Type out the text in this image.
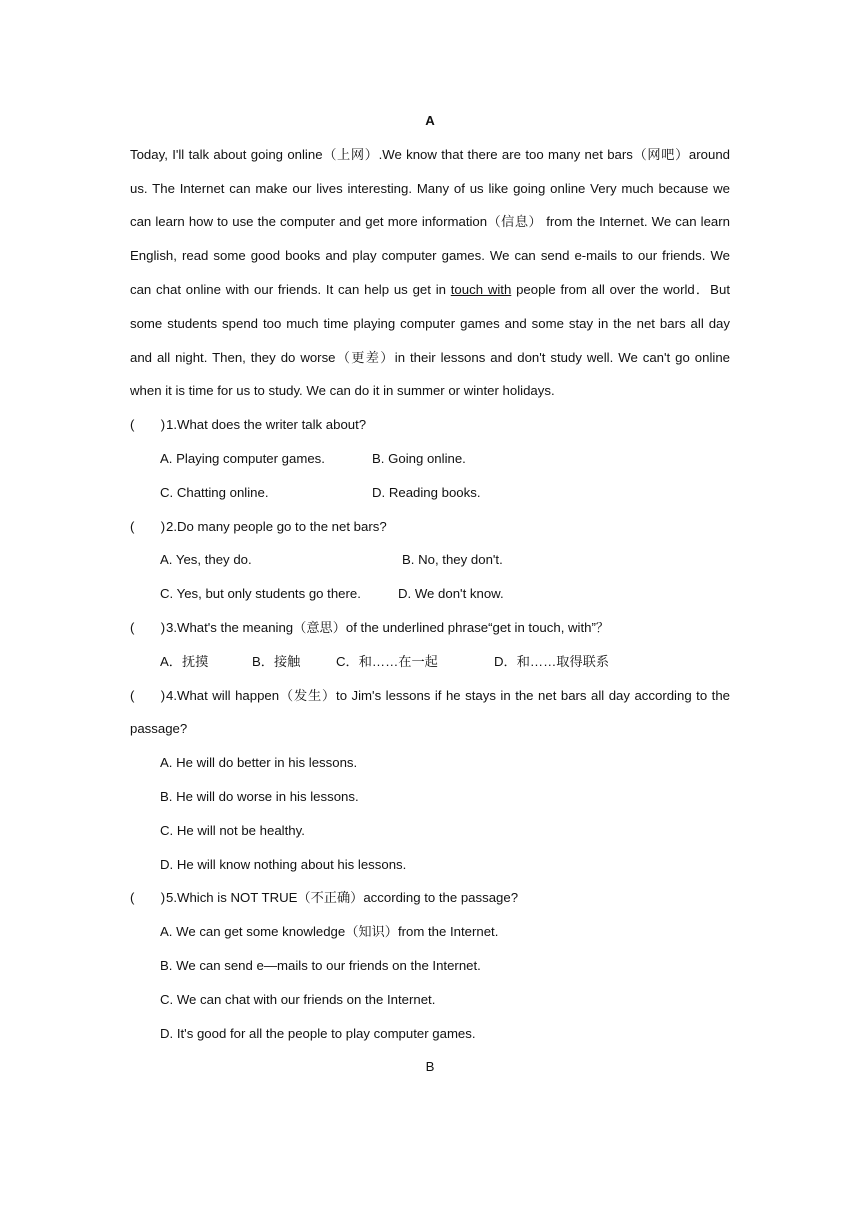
A

Today, I'll talk about going online（上网）.We know that there are too many net bars（网吧）around us. The Internet can make our lives interesting. Many of us like going online Very much because we can learn how to use the computer and get more information（信息） from the Internet. We can learn English, read some good books and play computer games. We can send e-mails to our friends. We can chat online with our friends. It can help us get in touch with people from all over the world．But some students spend too much time playing computer games and some stay in the net bars all day and all night. Then, they do worse（更差）in their lessons and don't study well. We can't go online when it is time for us to study. We can do it in summer or winter holidays.

(　　)1.What does the writer talk about?

A. Playing computer games.	B. Going online.
C. Chatting online.	D. Reading books.

(　　)2.Do many people go to the net bars?

A. Yes, they do.	B. No, they don't.
C. Yes, but only students go there.	D. We don't know.

(　　)3.What's the meaning（意思）of the underlined phrase“get in touch, with”？

A．抚摸	B．接触	C．和……在一起	D．和……取得联系

(　　)4.What will happen（发生）to Jim's lessons if he stays in the net bars all day according to the passage?

A. He will do better in his lessons.
B. He will do worse in his lessons.
C. He will not be healthy.
D. He will know nothing about his lessons.

(　　)5.Which is NOT TRUE（不正确）according to the passage?

A. We can get some knowledge（知识）from the Internet.
B. We can send e—mails to our friends on the Internet.
C. We can chat with our friends on the Internet.
D. It's good for all the people to play computer games.

B
